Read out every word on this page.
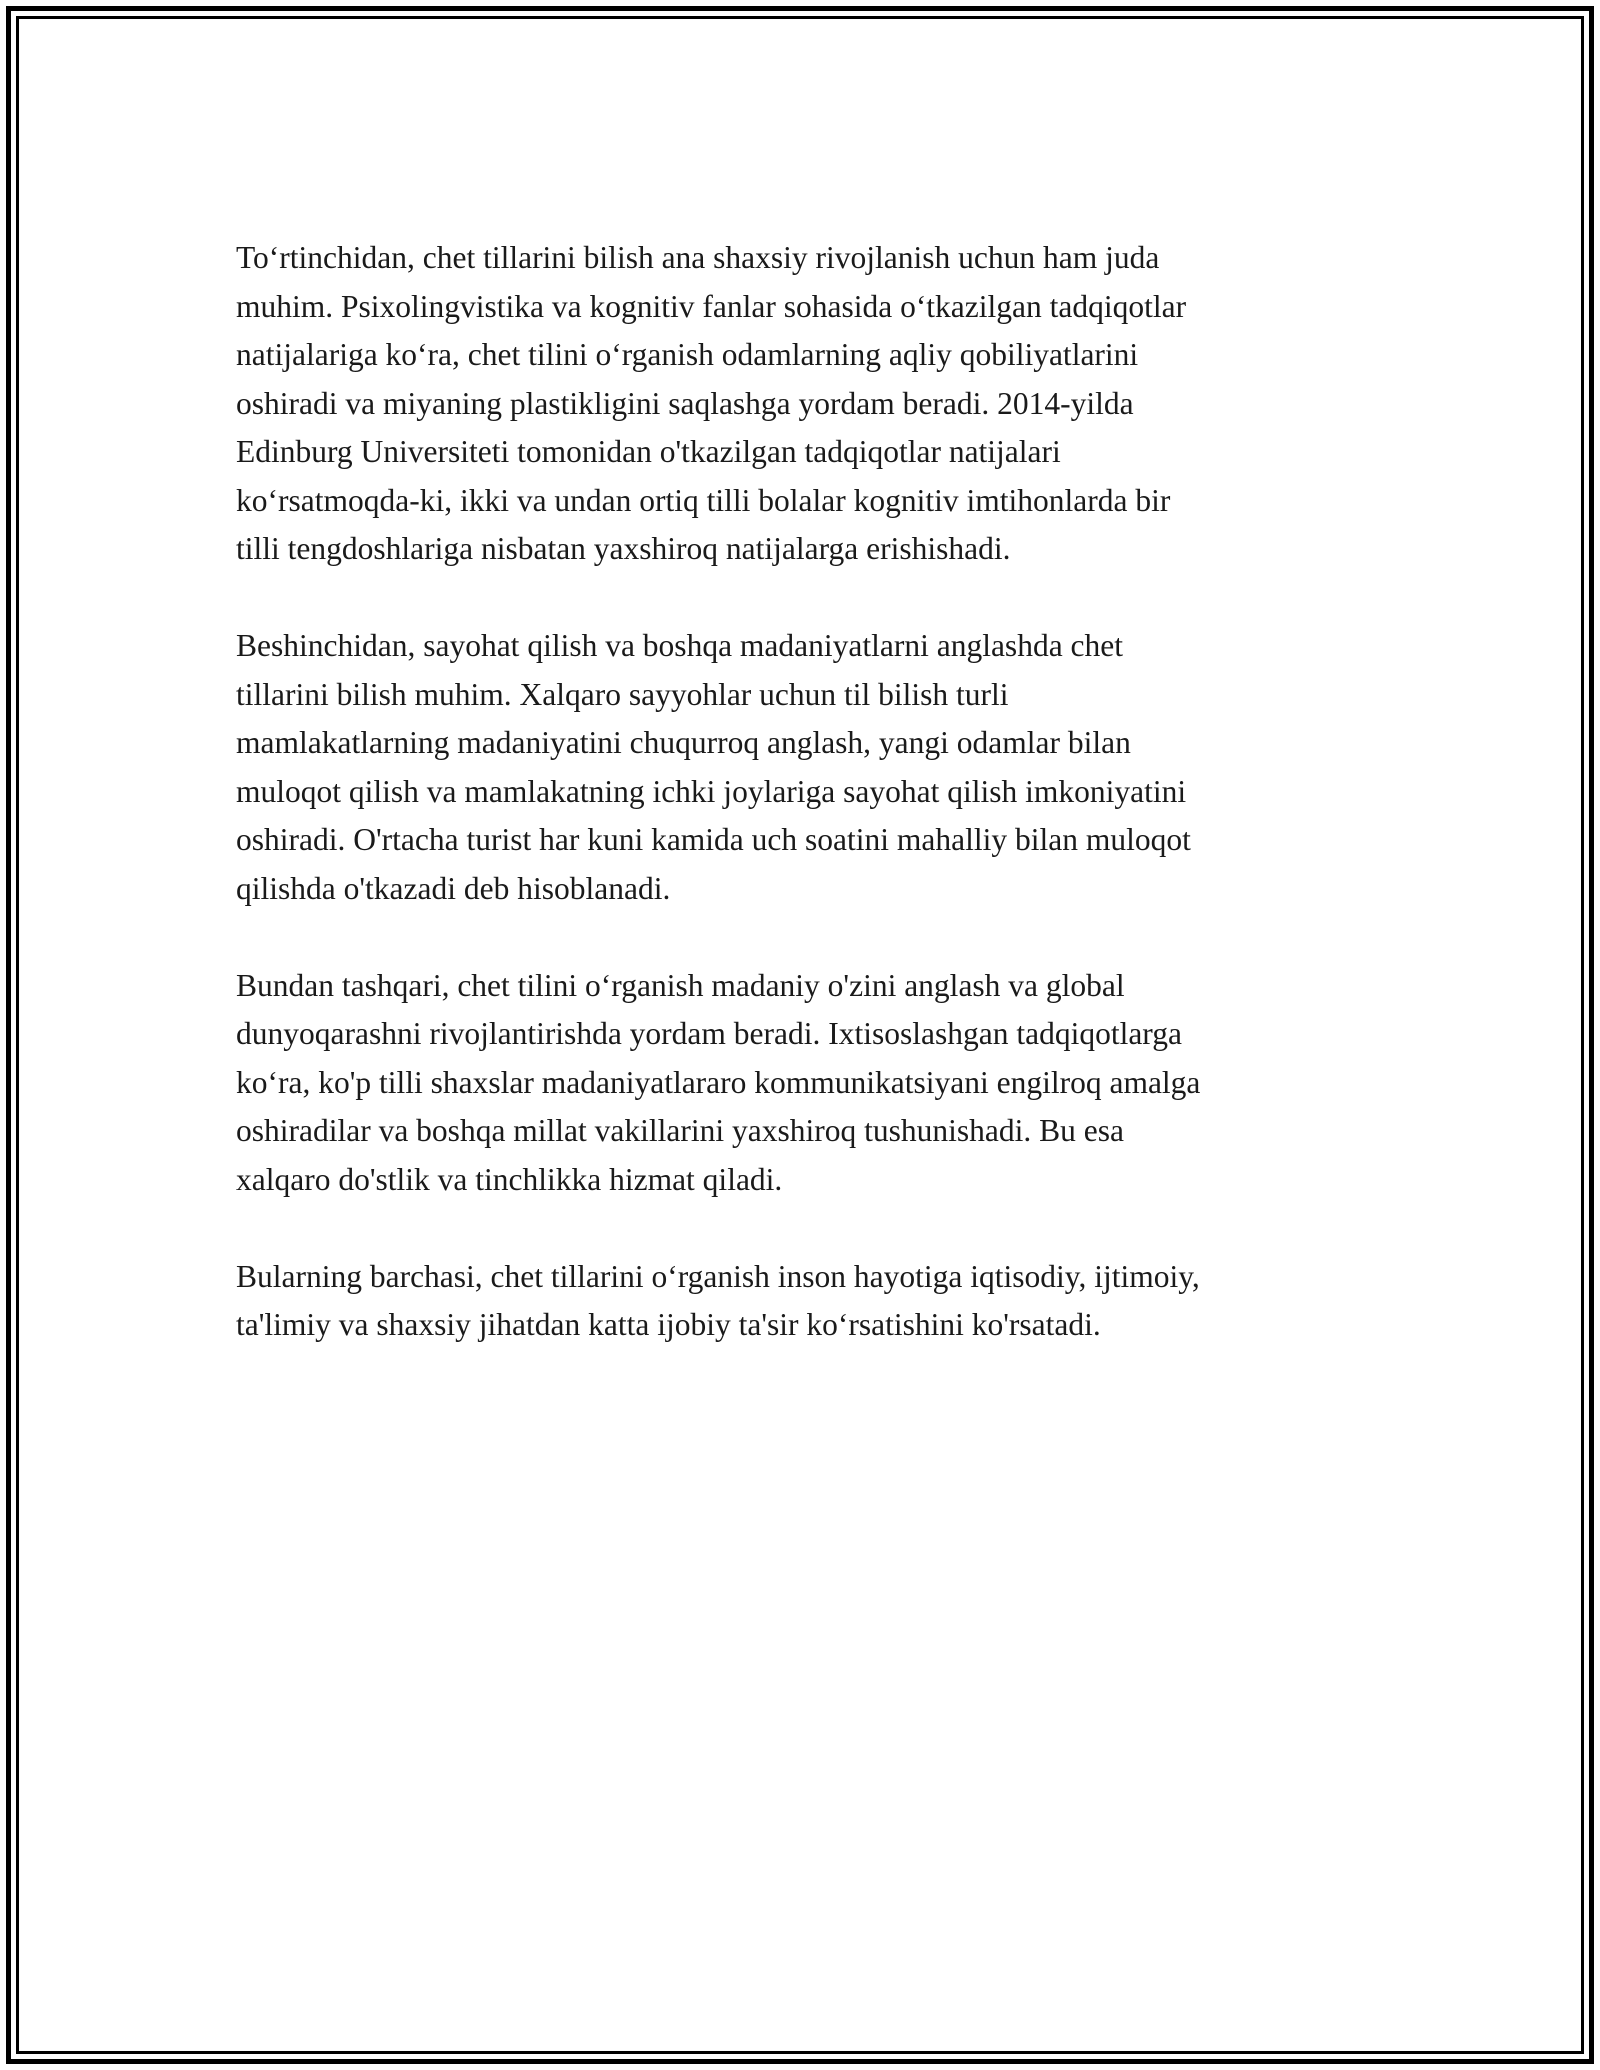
To‘rtinchidan, chet tillarini bilish ana shaxsiy rivojlanish uchun ham juda
muhim. Psixolingvistika va kognitiv fanlar sohasida o‘tkazilgan tadqiqotlar
natijalariga ko‘ra, chet tilini o‘rganish odamlarning aqliy qobiliyatlarini
oshiradi va miyaning plastikligini saqlashga yordam beradi. 2014-yilda
Edinburg Universiteti tomonidan o'tkazilgan tadqiqotlar natijalari
ko‘rsatmoqda-ki, ikki va undan ortiq tilli bolalar kognitiv imtihonlarda bir
tilli tengdoshlariga nisbatan yaxshiroq natijalarga erishishadi.

Beshinchidan, sayohat qilish va boshqa madaniyatlarni anglashda chet
tillarini bilish muhim. Xalqaro sayyohlar uchun til bilish turli
mamlakatlarning madaniyatini chuqurroq anglash, yangi odamlar bilan
muloqot qilish va mamlakatning ichki joylariga sayohat qilish imkoniyatini
oshiradi. O'rtacha turist har kuni kamida uch soatini mahalliy bilan muloqot
qilishda o'tkazadi deb hisoblanadi.

Bundan tashqari, chet tilini o‘rganish madaniy o'zini anglash va global
dunyoqarashni rivojlantirishda yordam beradi. Ixtisoslashgan tadqiqotlarga
ko‘ra, ko'p tilli shaxslar madaniyatlararo kommunikatsiyani engilroq amalga
oshiradilar va boshqa millat vakillarini yaxshiroq tushunishadi. Bu esa
xalqaro do'stlik va tinchlikka hizmat qiladi.

Bularning barchasi, chet tillarini o‘rganish inson hayotiga iqtisodiy, ijtimoiy,
ta'limiy va shaxsiy jihatdan katta ijobiy ta'sir ko‘rsatishini ko'rsatadi.
